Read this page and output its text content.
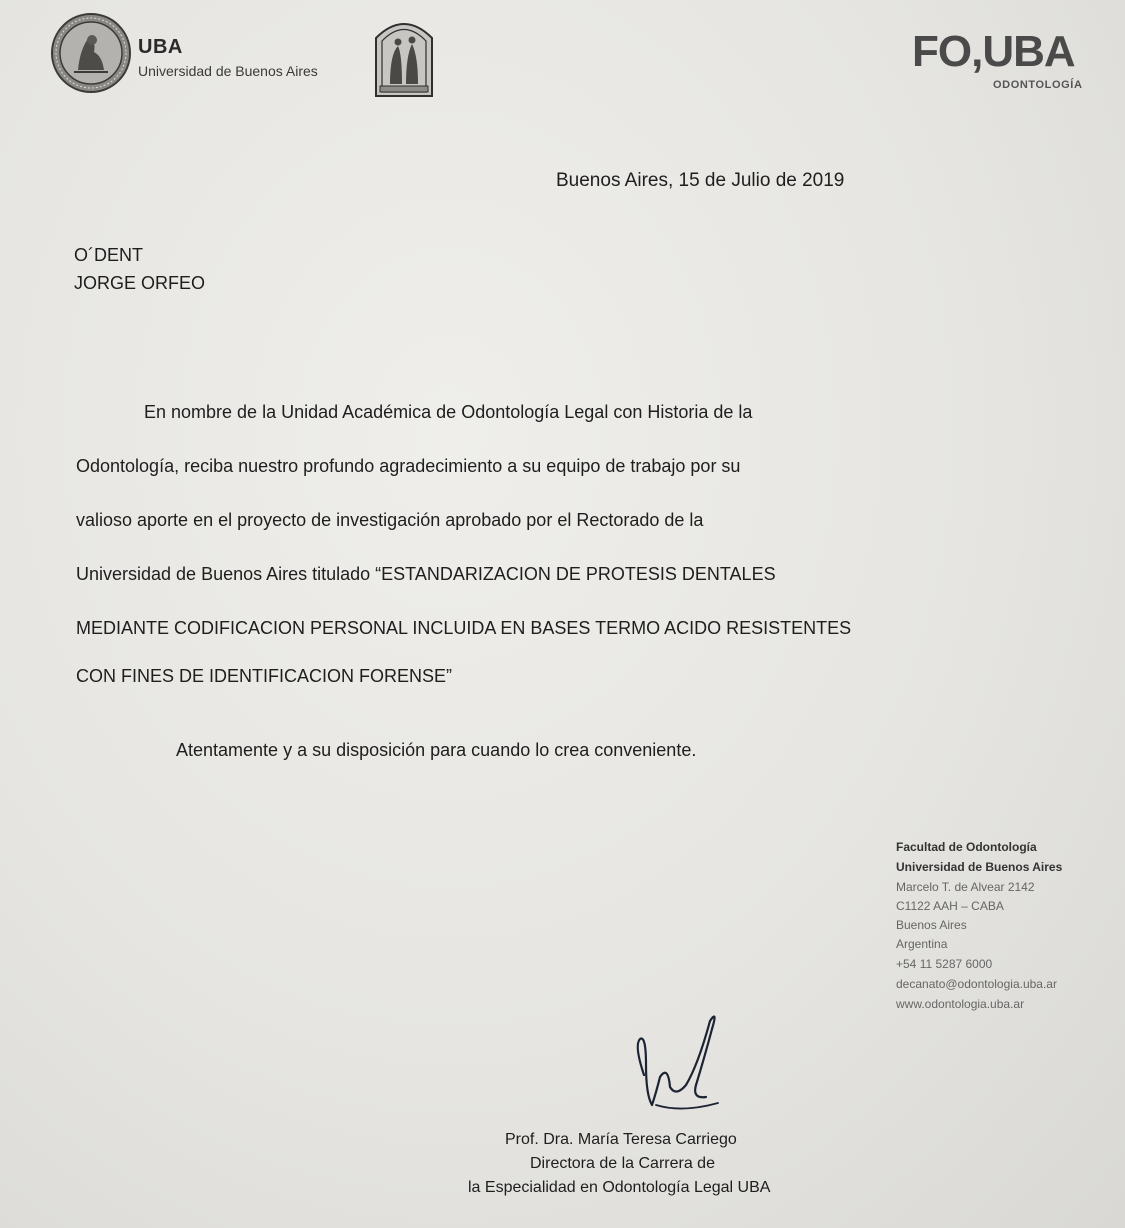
UBA
Universidad de Buenos Aires	FO,UBA
ODONTOLOGÍA
Buenos Aires, 15 de Julio de 2019
O´DENT
JORGE ORFEO
En nombre de la Unidad Académica de Odontología Legal con Historia de la
Odontología, reciba nuestro profundo agradecimiento a su equipo de trabajo por su
valioso aporte en el proyecto de investigación aprobado por el Rectorado de la
Universidad de Buenos Aires titulado “ESTANDARIZACION DE PROTESIS DENTALES
MEDIANTE CODIFICACION PERSONAL INCLUIDA EN BASES TERMO ACIDO RESISTENTES
CON FINES DE IDENTIFICACION FORENSE”
Atentamente y a su disposición para cuando lo crea conveniente.
Facultad de Odontología
Universidad de Buenos Aires
Marcelo T. de Alvear 2142
C1122 AAH – CABA
Buenos Aires
Argentina
+54 11 5287 6000
decanato@odontologia.uba.ar
www.odontologia.uba.ar
Prof. Dra. María Teresa Carriego
Directora de la Carrera de
la Especialidad en Odontología Legal UBA
